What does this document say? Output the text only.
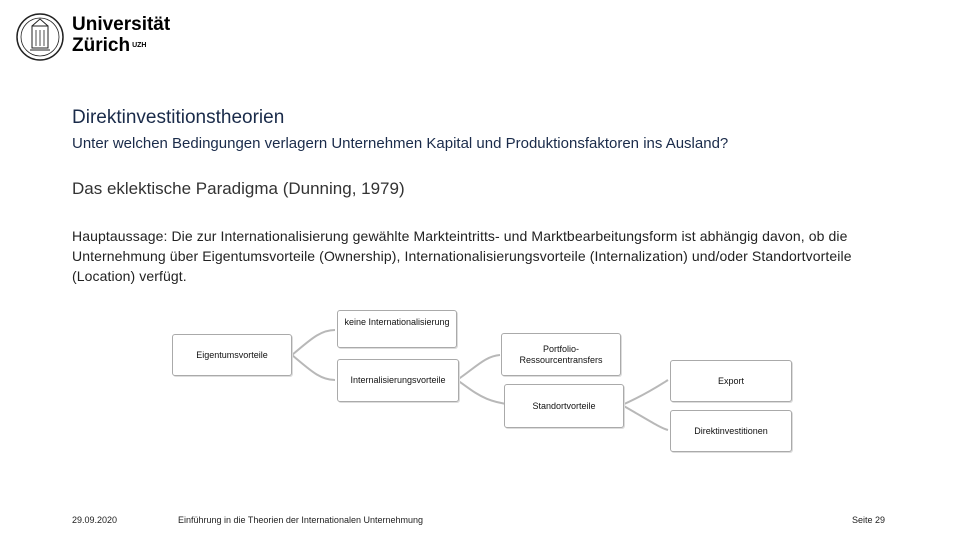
Universität
Zürich $^{UZH}$
Direktinvestitionstheorien
Unter welchen Bedingungen verlagern Unternehmen Kapital und Produktionsfaktoren ins Ausland?
Das eklektische Paradigma (Dunning, 1979)
Hauptaussage: Die zur Internationalisierung gewählte Markteintritts- und Marktbearbeitungsform ist abhängig davon, ob die Unternehmung über Eigentumsvorteile (Ownership), Internationalisierungsvorteile (Internalization) und/oder Standortvorteile (Location) verfügt.
Eigentumsvorteile
keine Internationalisierung
Internalisierungsvorteile
Portfolio-Ressourcentransfers
Export
Standortvorteile
Direktinvestitionen
29.09.2020	Einführung in die Theorien der Internationalen Unternehmung	Seite 29
